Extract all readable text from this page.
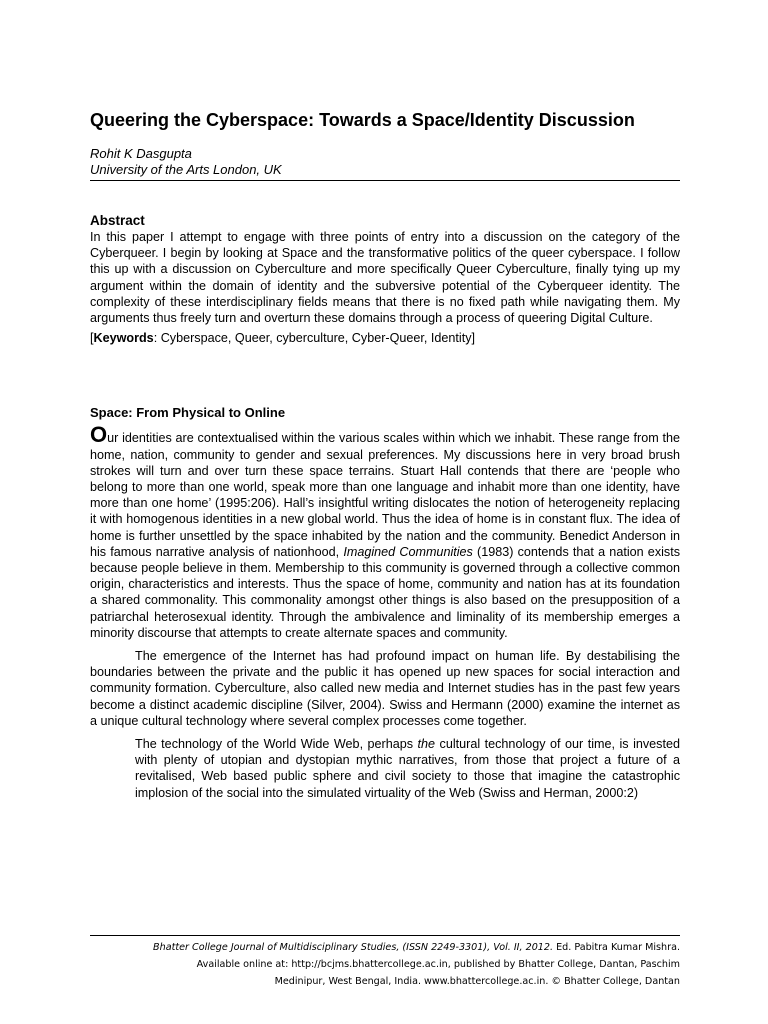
Queering the Cyberspace: Towards a Space/Identity Discussion
Rohit K Dasgupta
University of the Arts London, UK
Abstract

In this paper I attempt to engage with three points of entry into a discussion on the category of the Cyberqueer. I begin by looking at Space and the transformative politics of the queer cyberspace. I follow this up with a discussion on Cyberculture and more specifically Queer Cyberculture, finally tying up my argument within the domain of identity and the subversive potential of the Cyberqueer identity. The complexity of these interdisciplinary fields means that there is no fixed path while navigating them. My arguments thus freely turn and overturn these domains through a process of queering Digital Culture.

[Keywords: Cyberspace, Queer, cyberculture, Cyber-Queer, Identity]
Space: From Physical to Online

Our identities are contextualised within the various scales within which we inhabit. These range from the home, nation, community to gender and sexual preferences. My discussions here in very broad brush strokes will turn and over turn these space terrains. Stuart Hall contends that there are ‘people who belong to more than one world, speak more than one language and inhabit more than one identity, have more than one home’ (1995:206). Hall’s insightful writing dislocates the notion of heterogeneity replacing it with homogenous identities in a new global world. Thus the idea of home is in constant flux. The idea of home is further unsettled by the space inhabited by the nation and the community. Benedict Anderson in his famous narrative analysis of nationhood, Imagined Communities (1983) contends that a nation exists because people believe in them. Membership to this community is governed through a collective common origin, characteristics and interests. Thus the space of home, community and nation has at its foundation a shared commonality. This commonality amongst other things is also based on the presupposition of a patriarchal heterosexual identity. Through the ambivalence and liminality of its membership emerges a minority discourse that attempts to create alternate spaces and community.

The emergence of the Internet has had profound impact on human life. By destabilising the boundaries between the private and the public it has opened up new spaces for social interaction and community formation. Cyberculture, also called new media and Internet studies has in the past few years become a distinct academic discipline (Silver, 2004). Swiss and Hermann (2000) examine the internet as a unique cultural technology where several complex processes come together.

The technology of the World Wide Web, perhaps the cultural technology of our time, is invested with plenty of utopian and dystopian mythic narratives, from those that project a future of a revitalised, Web based public sphere and civil society to those that imagine the catastrophic implosion of the social into the simulated virtuality of the Web (Swiss and Herman, 2000:2)

Bhatter College Journal of Multidisciplinary Studies, (ISSN 2249-3301), Vol. II, 2012. Ed. Pabitra Kumar Mishra.
Available online at: http://bcjms.bhattercollege.ac.in, published by Bhatter College, Dantan, Paschim
Medinipur, West Bengal, India. www.bhattercollege.ac.in. © Bhatter College, Dantan
